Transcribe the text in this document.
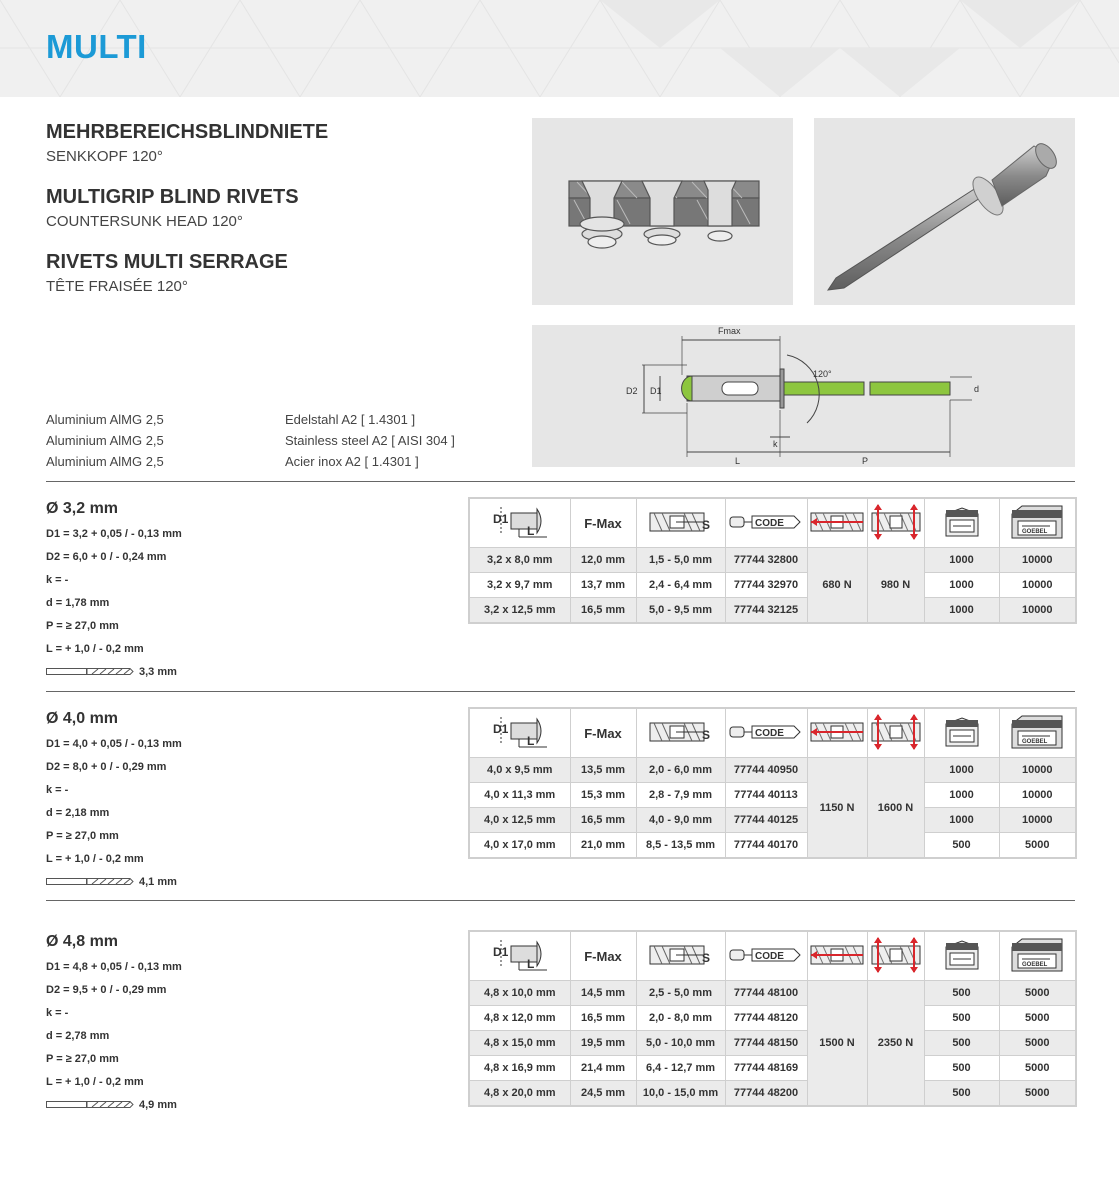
MULTI
MEHRBEREICHSBLINDNIETE
SENKKOPF 120°
MULTIGRIP BLIND RIVETS
COUNTERSUNK HEAD 120°
RIVETS MULTI SERRAGE
TÊTE FRAISÉE 120°
Fmax
d
D2 D1
120°
L	P
k
Aluminium AlMG 2,5
Aluminium AlMG 2,5
Aluminium AlMG 2,5
Edelstahl A2 [ 1.4301 ]
Stainless steel A2 [ AISI 304 ]
Acier inox A2 [ 1.4301 ]
Ø 3,2 mm
D1 = 3,2 + 0,05 / - 0,13 mm
D2 = 6,0 + 0 / - 0,24 mm
k = -
d = 1,78 mm
P = ≥ 27,0 mm
L = + 1,0 / - 0,2 mm
3,3 mm
D1
L	F-Max	S	CODE				GOEBEL

3,2 x 8,0 mm	12,0 mm	1,5 - 5,0 mm	77744 32800	680 N	980 N	1000	10000
3,2 x 9,7 mm	13,7 mm	2,4 - 6,4 mm	77744 32970			1000	10000
3,2 x 12,5 mm	16,5 mm	5,0 - 9,5 mm	77744 32125			1000	10000
Ø 4,0 mm
D1 = 4,0 + 0,05 / - 0,13 mm
D2 = 8,0 + 0 / - 0,29 mm
k = -
d = 2,18 mm
P = ≥ 27,0 mm
L = + 1,0 / - 0,2 mm
4,1 mm
D1
L	F-Max	S	CODE				GOEBEL

4,0 x 9,5 mm	13,5 mm	2,0 - 6,0 mm	77744 40950	1150 N	1600 N	1000	10000
4,0 x 11,3 mm	15,3 mm	2,8 - 7,9 mm	77744 40113			1000	10000
4,0 x 12,5 mm	16,5 mm	4,0 - 9,0 mm	77744 40125			1000	10000
4,0 x 17,0 mm	21,0 mm	8,5 - 13,5 mm	77744 40170			500	5000
Ø 4,8 mm
D1 = 4,8 + 0,05 / - 0,13 mm
D2 = 9,5 + 0 / - 0,29 mm
k = -
d = 2,78 mm
P = ≥ 27,0 mm
L = + 1,0 / - 0,2 mm
4,9 mm
D1
L	F-Max	S	CODE				GOEBEL

4,8 x 10,0 mm	14,5 mm	2,5 - 5,0 mm	77744 48100	1500 N	2350 N	500	5000
4,8 x 12,0 mm	16,5 mm	2,0 - 8,0 mm	77744 48120			500	5000
4,8 x 15,0 mm	19,5 mm	5,0 - 10,0 mm	77744 48150			500	5000
4,8 x 16,9 mm	21,4 mm	6,4 - 12,7 mm	77744 48169			500	5000
4,8 x 20,0 mm	24,5 mm	10,0 - 15,0 mm	77744 48200			500	5000
